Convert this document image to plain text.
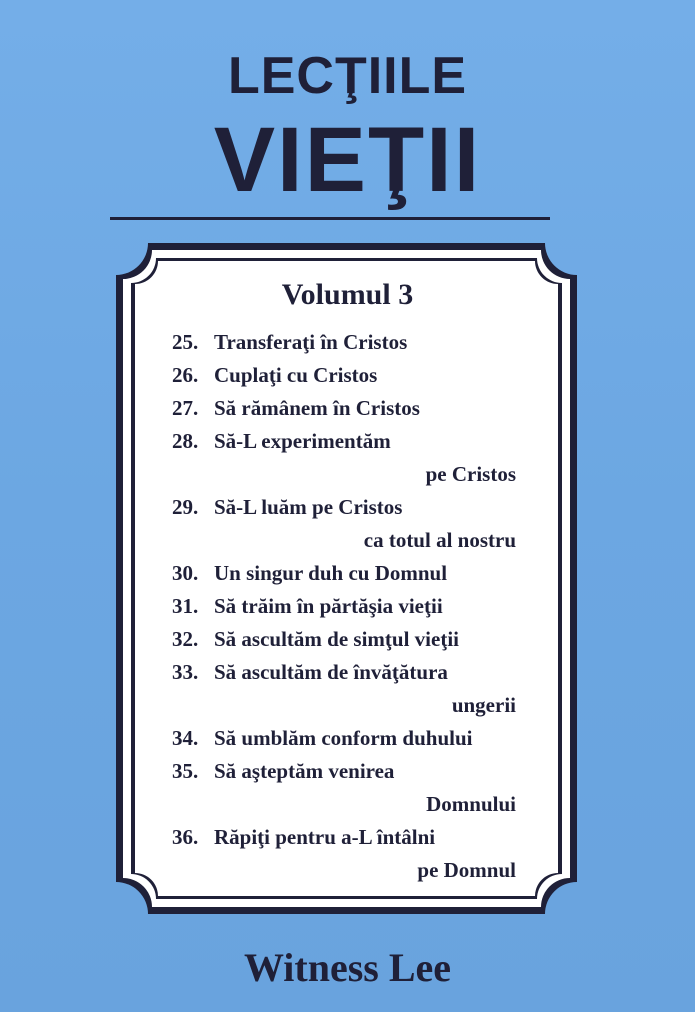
LECŢIILE
VIEŢII
Volumul 3
25. Transferaţi în Cristos
26. Cuplaţi cu Cristos
27. Să rămânem în Cristos
28. Să-L experimentăm
pe Cristos
29. Să-L luăm pe Cristos
ca totul al nostru
30. Un singur duh cu Domnul
31. Să trăim în părtăşia vieţii
32. Să ascultăm de simţul vieţii
33. Să ascultăm de învăţătura
ungerii
34. Să umblăm conform duhului
35. Să aşteptăm venirea
Domnului
36. Răpiţi pentru a-L întâlni
pe Domnul
Witness Lee
